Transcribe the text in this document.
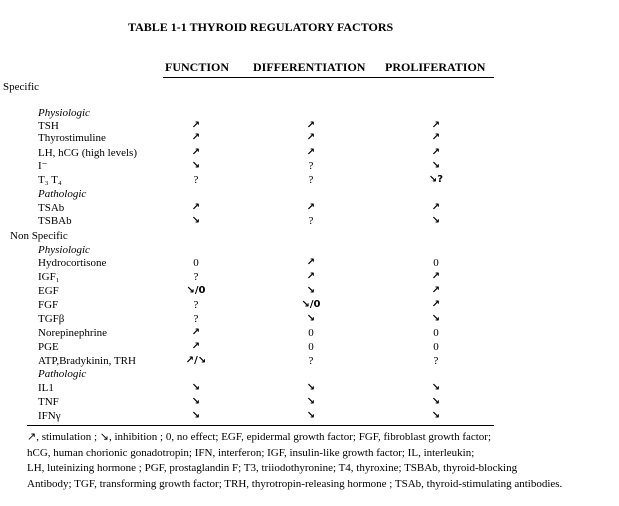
TABLE 1-1 THYROID REGULATORY FACTORS
FUNCTION DIFFERENTIATION PROLIFERATION
Specific
Non Specific
Physiologic
TSH	↗	↗	↗
Thyrostimuline	↗	↗	↗
LH, hCG (high levels)	↗	↗	↗
I⁻	↘	?	↘
T₃ T₄	?	?	↘?
Pathologic
TSAb	↗	↗	↗
TSBAb	↘	?	↘
Physiologic
Hydrocortisone	0	↗	0
IGF₁	?	↗	↗
EGF	↘/0	↘	↗
FGF	?	↘/0	↗
TGFβ	?	↘	↘
Norepinephrine	↗	0	0
PGE	↗	0	0
ATP,Bradykinin, TRH	↗/↘	?	?
Pathologic
IL1	↘	↘	↘
TNF	↘	↘	↘
IFNγ	↘	↘	↘
↗, stimulation ; ↘, inhibition ; 0, no effect; EGF, epidermal growth factor; FGF, fibroblast growth factor;
hCG, human chorionic gonadotropin; IFN, interferon; IGF, insulin-like growth factor; IL, interleukin;
LH, luteinizing hormone ; PGF, prostaglandin F; T3, triiodothyronine; T4, thyroxine; TSBAb, thyroid-blocking
Antibody; TGF, transforming growth factor; TRH, thyrotropin-releasing hormone ; TSAb, thyroid-stimulating antibodies.
